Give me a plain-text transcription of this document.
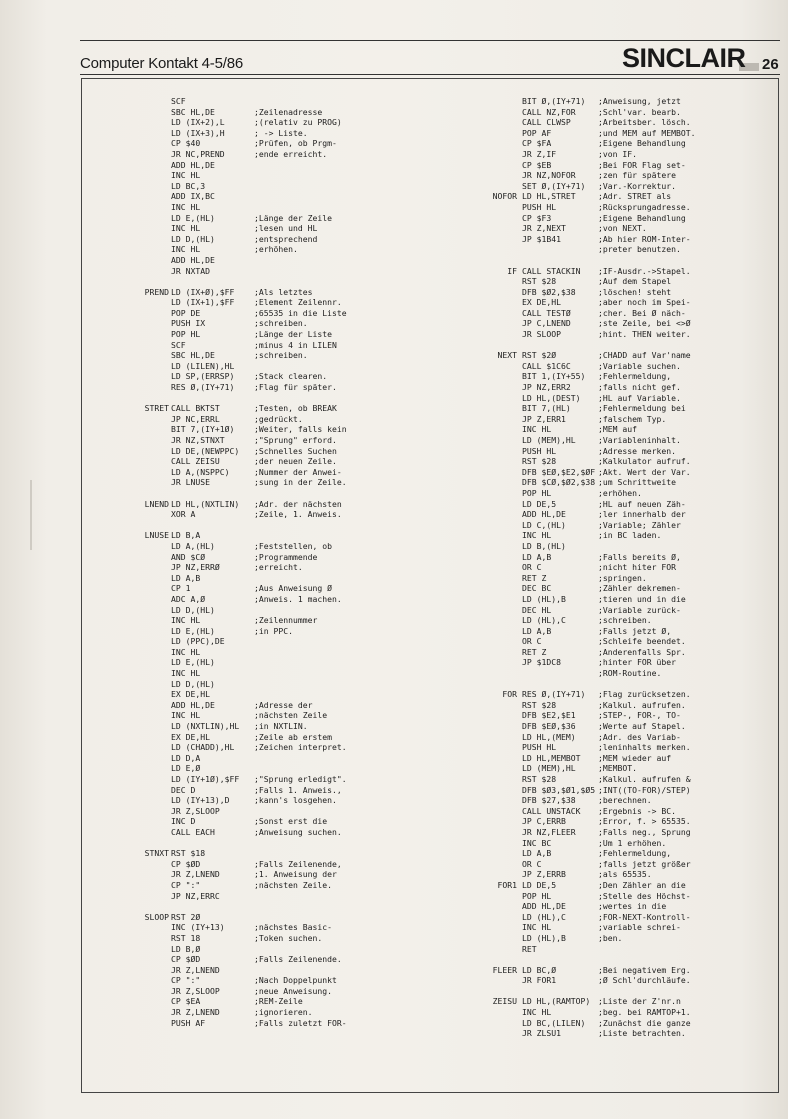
Computer Kontakt 4-5/86	SINCLAIR 26
SCF
SBC HL,DE	;Zeilenadresse
LD (IX+2),L	;(relativ zu PROG)
LD (IX+3),H	; -> Liste.
CP $40	;Prüfen, ob Prgm-
JR NC,PREND	;ende erreicht.
ADD HL,DE
INC HL
LD BC,3
ADD IX,BC
INC HL
LD E,(HL)	;Länge der Zeile
INC HL	;lesen und HL
LD D,(HL)	;entsprechend
INC HL	;erhöhen.
ADD HL,DE
JR NXTAD
PREND LD (IX+Ø),$FF ;Als letztes
LD (IX+1),$FF ;Element Zeilennr.
POP DE	;65535 in die Liste
PUSH IX	;schreiben.
POP HL	;Länge der Liste
SCF	;minus 4 in LILEN
SBC HL,DE	;schreiben.
LD (LILEN),HL
LD SP,(ERRSP) ;Stack clearen.
RES Ø,(IY+71) ;Flag für später.
STRET CALL BKTST	;Testen, ob BREAK
JP NC,ERRL	;gedrückt.
BIT 7,(IY+1Ø) ;Weiter, falls kein
JR NZ,STNXT	;"Sprung" erford.
LD DE,(NEWPPC) ;Schnelles Suchen
CALL ZEISU	;der neuen Zeile.
LD A,(NSPPC)	;Nummer der Anwei-
JR LNUSE	;sung in der Zeile.
LNEND LD HL,(NXTLIN) ;Adr. der nächsten
XOR A	;Zeile, 1. Anweis.
LNUSE LD B,A
LD A,(HL)	;Feststellen, ob
AND $CØ	;Programmende
JP NZ,ERRØ	;erreicht.
LD A,B
CP 1	;Aus Anweisung Ø
ADC A,Ø	;Anweis. 1 machen.
LD D,(HL)
INC HL	;Zeilennummer
LD E,(HL)	;in PPC.
LD (PPC),DE
INC HL
LD E,(HL)
INC HL
LD D,(HL)
EX DE,HL
ADD HL,DE	;Adresse der
INC HL	;nächsten Zeile
LD (NXTLIN),HL ;in NXTLIN.
EX DE,HL	;Zeile ab erstem
LD (CHADD),HL ;Zeichen interpret.
LD D,A
LD E,Ø
LD (IY+1Ø),$FF ;"Sprung erledigt".
DEC D	;Falls 1. Anweis.,
LD (IY+13),D	;kann's losgehen.
JR Z,SLOOP
INC D	;Sonst erst die
CALL EACH	;Anweisung suchen.
STNXT RST $18
CP $ØD	;Falls Zeilenende,
JR Z,LNEND	;1. Anweisung der
CP ":"	;nächsten Zeile.
JP NZ,ERRC
SLOOP RST 2Ø
INC (IY+13)	;nächstes Basic-
RST 18	;Token suchen.
LD B,Ø
CP $ØD	;Falls Zeilenende.
JR Z,LNEND
CP ":"	;Nach Doppelpunkt
JR Z,SLOOP	;neue Anweisung.
CP $EA	;REM-Zeile
JR Z,LNEND	;ignorieren.
PUSH AF	;Falls zuletzt FOR-
BIT Ø,(IY+71) ;Anweisung, jetzt
CALL NZ,FOR	;Schl'var. bearb.
CALL CLWSP	;Arbeitsber. lösch.
POP AF	;und MEM auf MEMBOT.
CP $FA	;Eigene Behandlung
JR Z,IF	;von IF.
CP $EB	;Bei FOR Flag set-
JR NZ,NOFOR	;zen für spätere
SET Ø,(IY+71) ;Var.-Korrektur.
NOFOR LD HL,STRET	;Adr. STRET als
PUSH HL	;Rücksprungadresse.
CP $F3	;Eigene Behandlung
JR Z,NEXT	;von NEXT.
JP $1B41	;Ab hier ROM-Inter-
;preter benutzen.
IF CALL STACKIN ;IF-Ausdr.->Stapel.
RST $28	;Auf dem Stapel
DFB $Ø2,$38	;löschen! steht
EX DE,HL	;aber noch im Spei-
CALL TESTØ	;cher. Bei Ø näch-
JP C,LNEND	;ste Zeile, bei <>Ø
JR SLOOP	;hint. THEN weiter.
NEXT RST $2Ø	;CHADD auf Var'name
CALL $1C6C	;Variable suchen.
BIT 1,(IY+55) ;Fehlermeldung,
JP NZ,ERR2	;falls nicht gef.
LD HL,(DEST) ;HL auf Variable.
BIT 7,(HL)	;Fehlermeldung bei
JP Z,ERR1	;falschem Typ.
INC HL	;MEM auf
LD (MEM),HL	;Variableninhalt.
PUSH HL	;Adresse merken.
RST $28	;Kalkulator aufruf.
DFB $EØ,$E2,$ØF ;Akt. Wert der Var.
DFB $CØ,$Ø2,$38 ;um Schrittweite
POP HL	;erhöhen.
LD DE,5	;HL auf neuen Zäh-
ADD HL,DE	;ler innerhalb der
LD C,(HL)	;Variable; Zähler
INC HL	;in BC laden.
LD B,(HL)
LD A,B	;Falls bereits Ø,
OR C	;nicht hiter FOR
RET Z	;springen.
DEC BC	;Zähler dekremen-
LD (HL),B	;tieren und in die
DEC HL	;Variable zurück-
LD (HL),C	;schreiben.
LD A,B	;Falls jetzt Ø,
OR C	;Schleife beendet.
RET Z	;Anderenfalls Spr.
JP $1DC8	;hinter FOR über
;ROM-Routine.
FOR RES Ø,(IY+71) ;Flag zurücksetzen.
RST $28	;Kalkul. aufrufen.
DFB $E2,$E1	;STEP-, FOR-, TO-
DFB $EØ,$36	;Werte auf Stapel.
LD HL,(MEM)	;Adr. des Variab-
PUSH HL	;leninhalts merken.
LD HL,MEMBOT ;MEM wieder auf
LD (MEM),HL	;MEMBOT.
RST $28	;Kalkul. aufrufen &
DFB $Ø3,$Ø1,$Ø5 ;INT((TO-FOR)/STEP)
DFB $27,$38	;berechnen.
CALL UNSTACK ;Ergebnis -> BC.
JP C,ERRB	;Error, f. > 65535.
JR NZ,FLEER	;Falls neg., Sprung
INC BC	;Um 1 erhöhen.
LD A,B	;Fehlermeldung,
OR C	;falls jetzt größer
JP Z,ERRB	;als 65535.
FOR1 LD DE,5	;Den Zähler an die
POP HL	;Stelle des Höchst-
ADD HL,DE	;wertes in die
LD (HL),C	;FOR-NEXT-Kontroll-
INC HL	;variable schrei-
LD (HL),B	;ben.
RET
FLEER LD BC,Ø	;Bei negativem Erg.
JR FOR1	;Ø Schl'durchläufe.
ZEISU LD HL,(RAMTOP) ;Liste der Z'nr.n
INC HL	;beg. bei RAMTOP+1.
LD BC,(LILEN) ;Zunächst die ganze
JR ZLSU1	;Liste betrachten.
